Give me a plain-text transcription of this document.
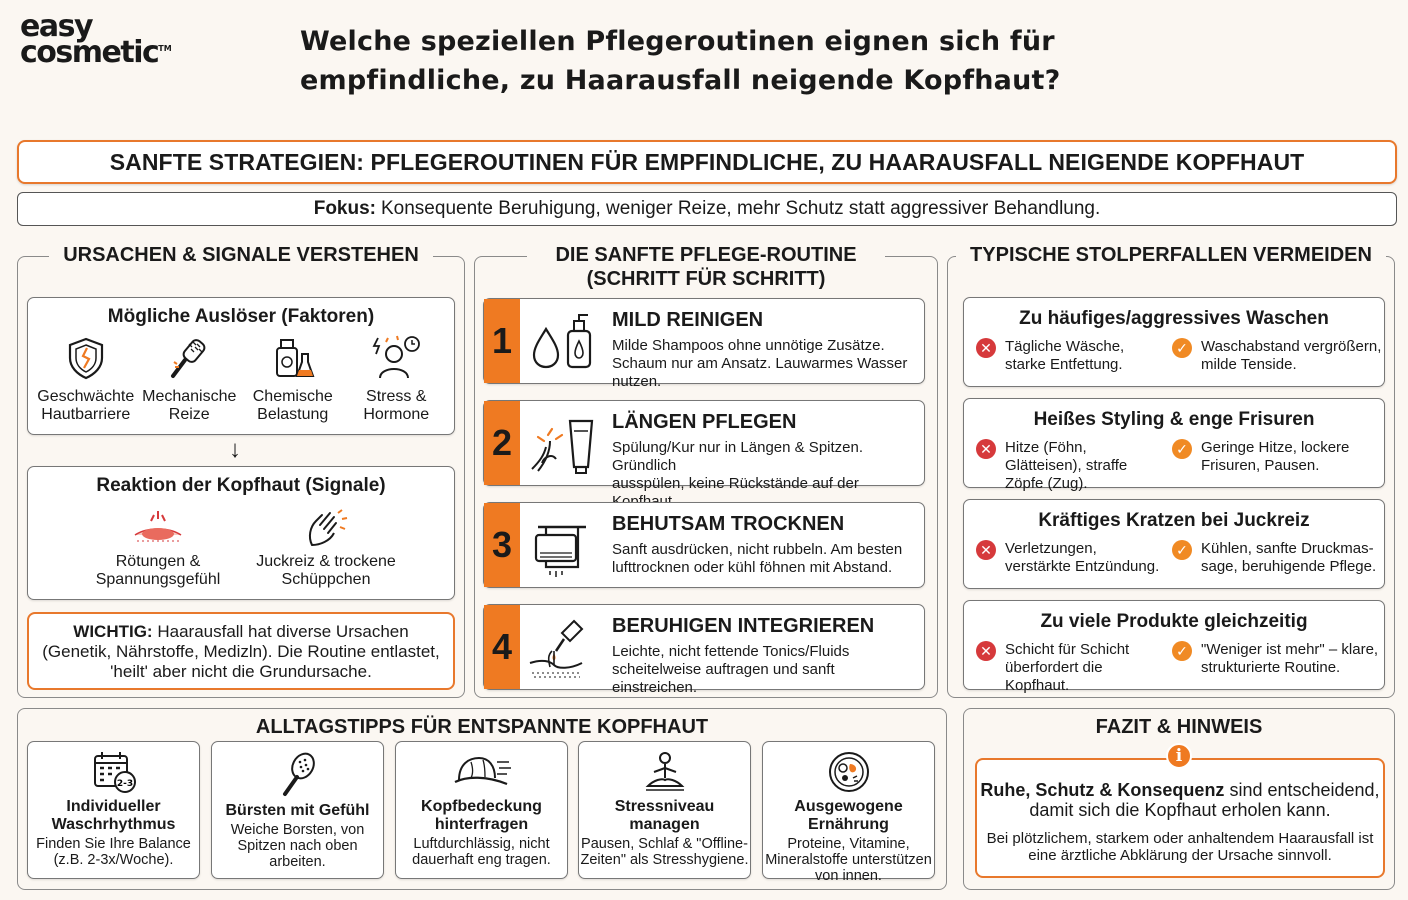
easy
cosmetic™	Welche speziellen Pflegeroutinen eignen sich für empfindliche, zu Haarausfall neigende Kopfhaut?
SANFTE STRATEGIEN: PFLEGEROUTINEN FÜR EMPFINDLICHE, ZU HAARAUSFALL NEIGENDE KOPFHAUT
Fokus: Konsequente Beruhigung, weniger Reize, mehr Schutz statt aggressiver Behandlung.
URSACHEN & SIGNALE VERSTEHEN
Mögliche Auslöser (Faktoren)
Geschwächte
Hautbarriere
Mechanische
Reize
Chemische
Belastung
Stress &
Hormone
↓
Reaktion der Kopfhaut (Signale)
Rötungen &
Spannungsgefühl
Juckreiz & trockene
Schüppchen
WICHTIG: Haarausfall hat diverse Ursachen (Genetik, Nährstoffe, Medizln). Die Routine entlastet, 'heilt' aber nicht die Grundursache.
DIE SANFTE PFLEGE-ROUTINE
(SCHRITT FÜR SCHRITT)
1	MILD REINIGEN
Milde Shampoos ohne unnötige Zusätze.
Schaum nur am Ansatz. Lauwarmes Wasser nutzen.
2	LÄNGEN PFLEGEN
Spülung/Kur nur in Längen & Spitzen. Gründlich
ausspülen, keine Rückstände auf der
3	BEHUTSAM TROCKNEN
Sanft ausdrücken, nicht rubbeln. Am besten
lufttrocknen oder kühl föhnen mit Abstand.
4	BERUHIGEN INTEGRIEREN
Leichte, nicht fettende Tonics/Fluids
scheitelweise auftragen und sanft einstreichen.
TYPISCHE STOLPERFALLEN VERMEIDEN
Zu häufiges/aggressives Waschen
✕ Tägliche Wäsche, starke Entfettung.
✓ Waschabstand vergrößern, milde Tenside.
Heißes Styling & enge Frisuren
✕ Hitze (Föhn, Glätteisen), straffe Zöpfe (Zug).
✓ Geringe Hitze, lockere Frisuren, Pausen.
Kräftiges Kratzen bei Juckreiz
✕ Verletzungen, verstärkte Entzündung.
✓ Kühlen, sanfte Druckmas-sage, beruhigende Pflege.
Zu viele Produkte gleichzeitig
✕ Schicht für Schicht überfordert die Kopfhaut.
✓ "Weniger ist mehr" – klare, strukturierte Routine.
ALLTAGSTIPPS FÜR ENTSPANNTE KOPFHAUT
2-3
Individueller Waschrhythmus
Finden Sie Ihre Balance (z.B. 2-3x/Woche).
Bürsten mit Gefühl
Weiche Borsten, von Spitzen nach oben arbeiten.
Kopfbedeckung hinterfragen
Luftdurchlässig, nicht dauerhaft eng tragen.
Stressniveau managen
Pausen, Schlaf & "Offline-Zeiten" als Stresshygiene.
Ausgewogene Ernährung
Proteine, Vitamine, Mineralstoffe unterstützen von innen.
FAZIT & HINWEIS
Ruhe, Schutz & Konsequenz sind entscheidend, damit sich die Kopfhaut erholen kann.
Bei plötzlichem, starkem oder anhaltendem Haarausfall ist eine ärztliche Abklärung der Ursache sinnvoll.
i
